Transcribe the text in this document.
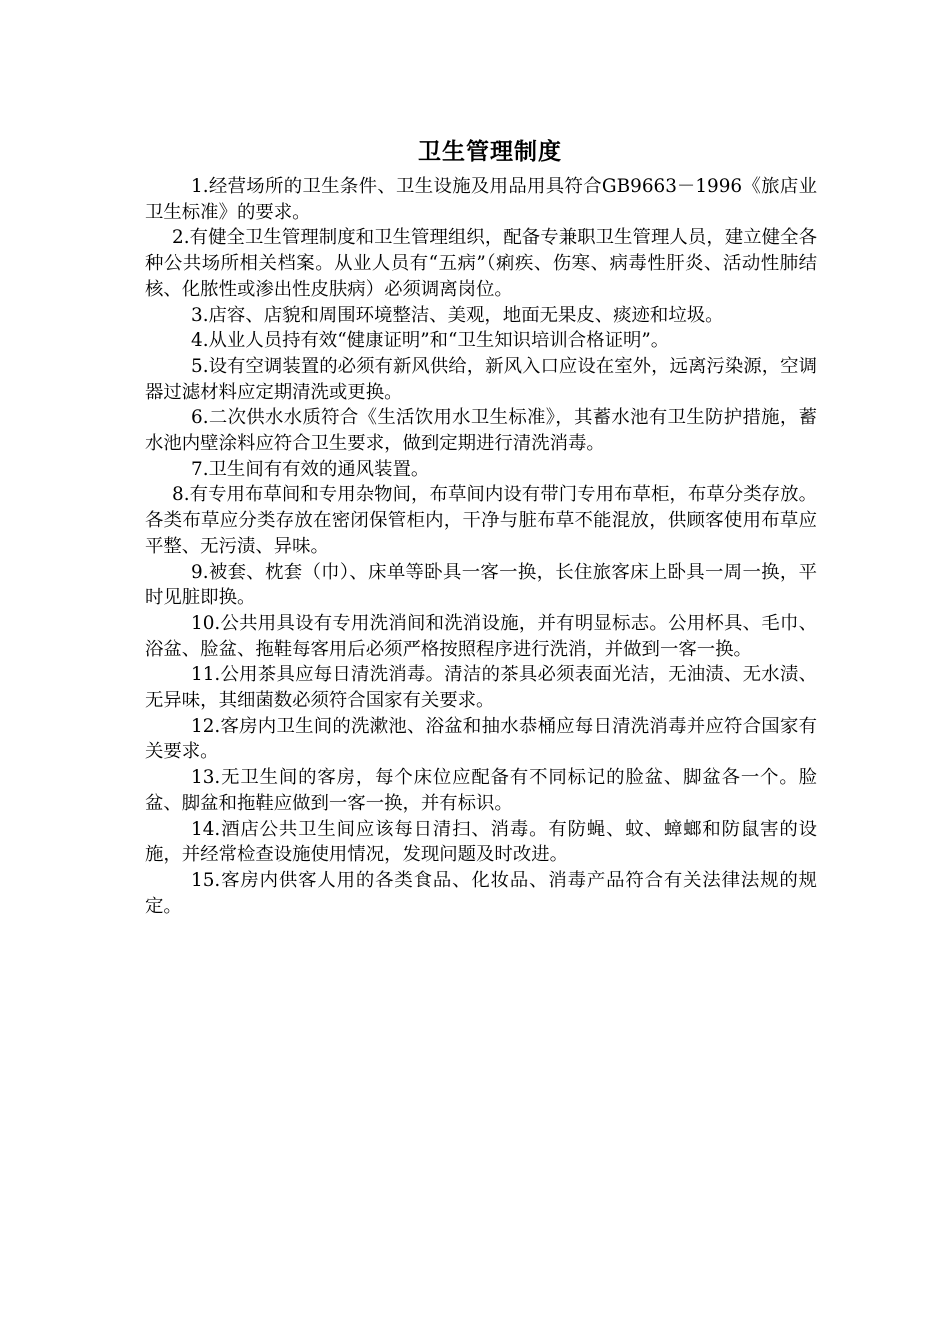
卫生管理制度

1.经营场所的卫生条件、卫生设施及用品用具符合GB9663－1996《旅店业卫生标准》的要求。

2.有健全卫生管理制度和卫生管理组织，配备专兼职卫生管理人员，建立健全各种公共场所相关档案。从业人员有“五病”（痢疾、伤寒、病毒性肝炎、活动性肺结核、化脓性或渗出性皮肤病）必须调离岗位。

3.店容、店貌和周围环境整洁、美观，地面无果皮、痰迹和垃圾。

4.从业人员持有效“健康证明”和“卫生知识培训合格证明”。

5.设有空调装置的必须有新风供给，新风入口应设在室外，远离污染源，空调器过滤材料应定期清洗或更换。

6.二次供水水质符合《生活饮用水卫生标准》，其蓄水池有卫生防护措施，蓄水池内壁涂料应符合卫生要求，做到定期进行清洗消毒。

7.卫生间有有效的通风装置。

8.有专用布草间和专用杂物间，布草间内设有带门专用布草柜，布草分类存放。各类布草应分类存放在密闭保管柜内，干净与脏布草不能混放，供顾客使用布草应平整、无污渍、异味。

9.被套、枕套（巾）、床单等卧具一客一换，长住旅客床上卧具一周一换，平时见脏即换。

10.公共用具设有专用洗消间和洗消设施，并有明显标志。公用杯具、毛巾、浴盆、脸盆、拖鞋每客用后必须严格按照程序进行洗消，并做到一客一换。

11.公用茶具应每日清洗消毒。清洁的茶具必须表面光洁，无油渍、无水渍、无异味，其细菌数必须符合国家有关要求。

12.客房内卫生间的洗漱池、浴盆和抽水恭桶应每日清洗消毒并应符合国家有关要求。

13.无卫生间的客房，每个床位应配备有不同标记的脸盆、脚盆各一个。脸盆、脚盆和拖鞋应做到一客一换，并有标识。

14.酒店公共卫生间应该每日清扫、消毒。有防蝇、蚊、蟑螂和防鼠害的设施，并经常检查设施使用情况，发现问题及时改进。

15.客房内供客人用的各类食品、化妆品、消毒产品符合有关法律法规的规定。
